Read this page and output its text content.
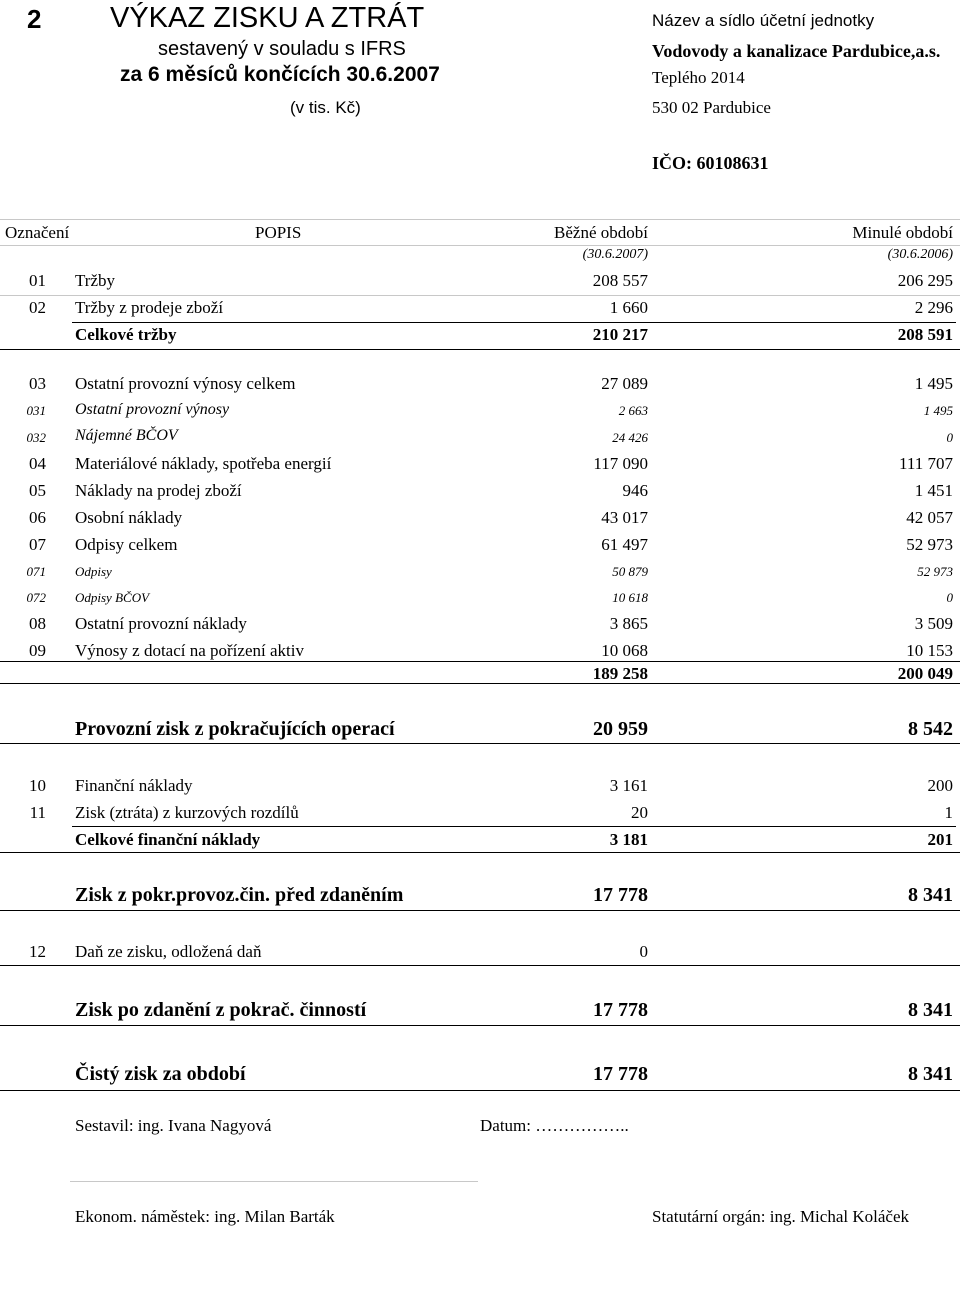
2 VÝKAZ ZISKU A ZTRÁT
sestavený v souladu s IFRS
za 6 měsíců končících 30.6.2007
(v tis. Kč)
Název a sídlo účetní jednotky
Vodovody a kanalizace Pardubice,a.s.
Teplého 2014
530 02 Pardubice
IČO: 60108631
Označení	POPIS	Běžné období	Minulé období
(30.6.2007)	(30.6.2006)
01 Tržby	208 557	206 295
02 Tržby z prodeje zboží	1 660	2 296
Celkové tržby	210 217	208 591
03 Ostatní provozní výnosy celkem	27 089	1 495
031 Ostatní provozní výnosy	2 663	1 495
032 Nájemné BČOV	24 426	0
04 Materiálové náklady, spotřeba energií	117 090	111 707
05 Náklady na prodej zboží	946	1 451
06 Osobní náklady	43 017	42 057
07 Odpisy celkem	61 497	52 973
071 Odpisy	50 879	52 973
072 Odpisy BČOV	10 618	0
08 Ostatní provozní náklady	3 865	3 509
09 Výnosy z dotací na pořízení aktiv	10 068	10 153
189 258	200 049
Provozní zisk z pokračujících operací	20 959	8 542
10 Finanční náklady	3 161	200
11 Zisk (ztráta) z kurzových rozdílů	20	1
Celkové finanční náklady	3 181	201
Zisk z pokr.provoz.čin. před zdaněním	17 778	8 341
12 Daň ze zisku, odložená daň	0
Zisk po zdanění z pokrač. činností	17 778	8 341
Čistý zisk za období	17 778	8 341
Sestavil: ing. Ivana Nagyová	Datum: ……………..
Ekonom. náměstek: ing. Milan Barták	Statutární orgán: ing. Michal Koláček
